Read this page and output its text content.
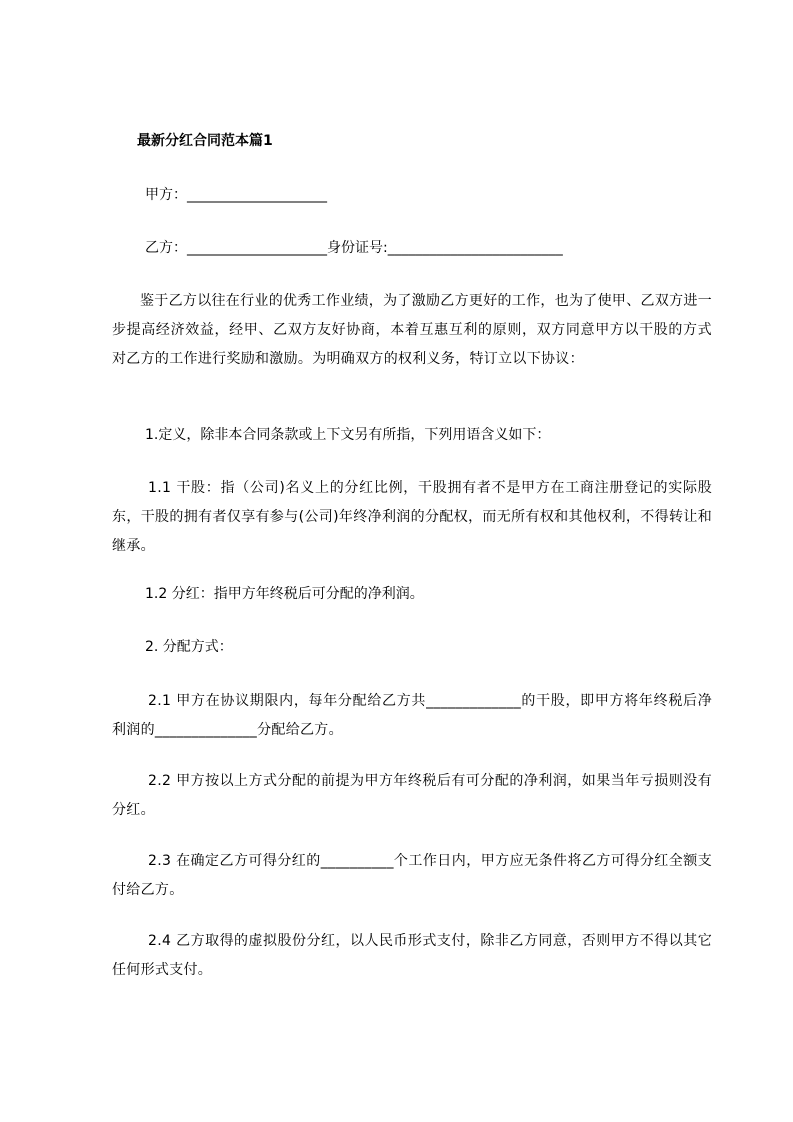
最新分红合同范本篇1
甲方：____________________
乙方：____________________身份证号:_________________________
鉴于乙方以往在行业的优秀工作业绩，为了激励乙方更好的工作，也为了使甲、乙双方进一步提高经济效益，经甲、乙双方友好协商，本着互惠互利的原则，双方同意甲方以干股的方式对乙方的工作进行奖励和激励。为明确双方的权利义务，特订立以下协议：
1.定义，除非本合同条款或上下文另有所指，下列用语含义如下：
1.1 干股：指（公司)名义上的分红比例，干股拥有者不是甲方在工商注册登记的实际股东，干股的拥有者仅享有参与(公司)年终净利润的分配权，而无所有权和其他权利，不得转让和继承。
1.2 分红：指甲方年终税后可分配的净利润。
2. 分配方式：
2.1 甲方在协议期限内，每年分配给乙方共_____________的干股，即甲方将年终税后净利润的______________分配给乙方。
2.2 甲方按以上方式分配的前提为甲方年终税后有可分配的净利润，如果当年亏损则没有分红。
2.3 在确定乙方可得分红的__________个工作日内，甲方应无条件将乙方可得分红全额支付给乙方。
2.4 乙方取得的虚拟股份分红，以人民币形式支付，除非乙方同意，否则甲方不得以其它任何形式支付。
